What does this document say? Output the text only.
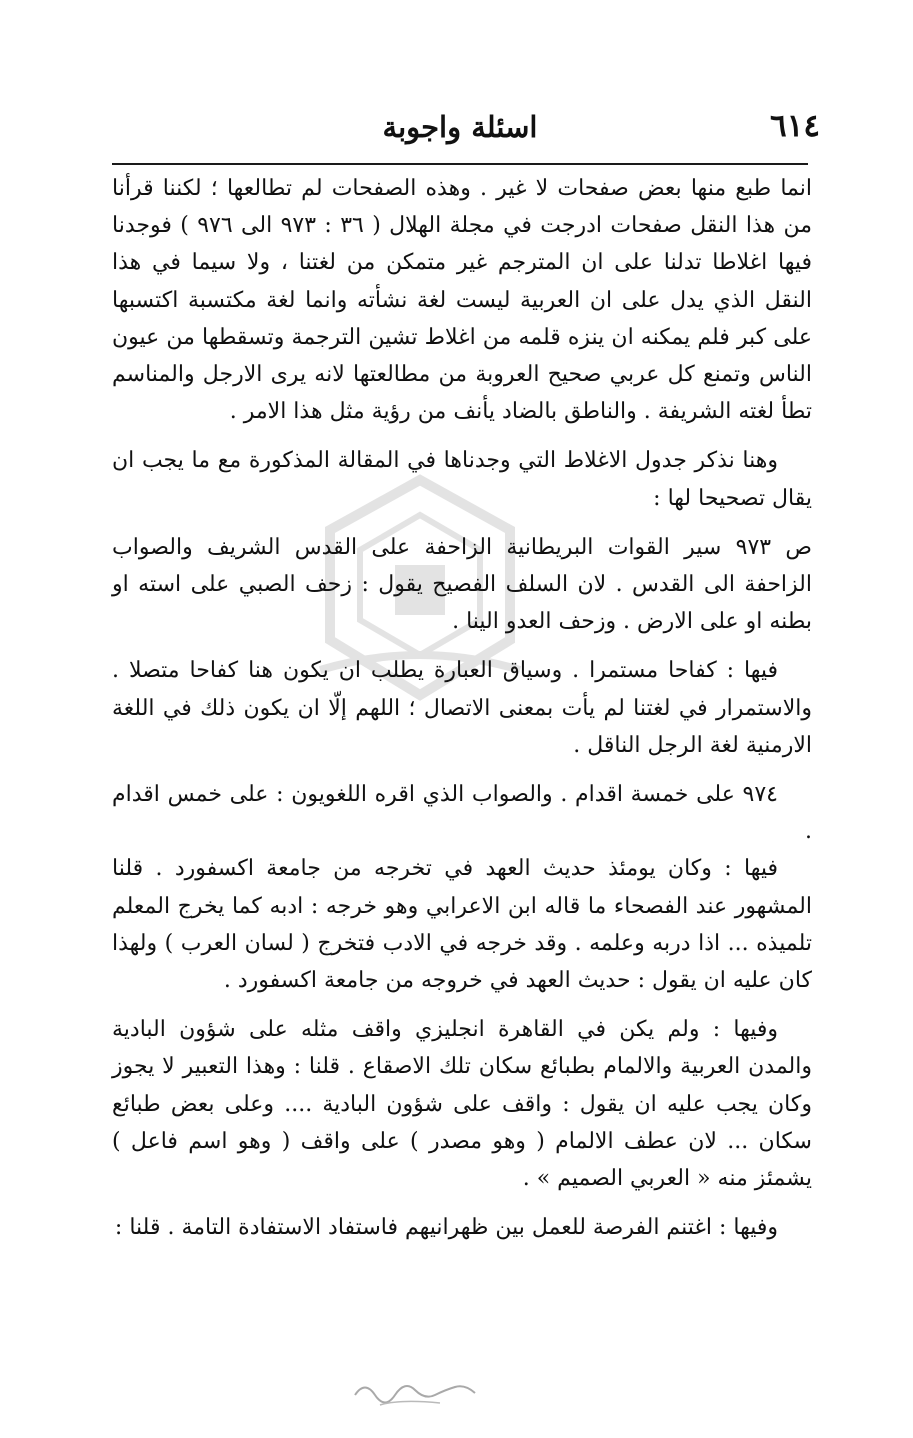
٦١٤
اسئلة واجوبة

انما طبع منها بعض صفحات لا غير . وهذه الصفحات لم تطالعها ؛ لكننا قرأنا من هذا النقل صفحات ادرجت في مجلة الهلال ( ٣٦ : ٩٧٣ الى ٩٧٦ ) فوجدنا فيها اغلاطا تدلنا على ان المترجم غير متمكن من لغتنا ، ولا سيما في هذا النقل الذي يدل على ان العربية ليست لغة نشأته وانما لغة مكتسبة اكتسبها على كبر فلم يمكنه ان ينزه قلمه من اغلاط تشين الترجمة وتسقطها من عيون الناس وتمنع كل عربي صحيح العروبة من مطالعتها لانه يرى الارجل والمناسم تطأ لغته الشريفة . والناطق بالضاد يأنف من رؤية مثل هذا الامر .

وهنا نذكر جدول الاغلاط التي وجدناها في المقالة المذكورة مع ما يجب ان يقال تصحيحا لها :

ص ٩٧٣ سير القوات البريطانية الزاحفة على القدس الشريف والصواب الزاحفة الى القدس . لان السلف الفصيح يقول : زحف الصبي على استه او بطنه او على الارض . وزحف العدو الينا .

فيها : كفاحا مستمرا . وسياق العبارة يطلب ان يكون هنا كفاحا متصلا . والاستمرار في لغتنا لم يأت بمعنى الاتصال ؛ اللهم إلّا ان يكون ذلك في اللغة الارمنية لغة الرجل الناقل .

٩٧٤ على خمسة اقدام . والصواب الذي اقره اللغويون : على خمس اقدام .

فيها : وكان يومئذ حديث العهد في تخرجه من جامعة اكسفورد . قلنا المشهور عند الفصحاء ما قاله ابن الاعرابي وهو خرجه : ادبه كما يخرج المعلم تلميذه ... اذا دربه وعلمه . وقد خرجه في الادب فتخرج ( لسان العرب ) ولهذا كان عليه ان يقول : حديث العهد في خروجه من جامعة اكسفورد .

وفيها : ولم يكن في القاهرة انجليزي واقف مثله على شؤون البادية والمدن العربية والالمام بطبائع سكان تلك الاصقاع . قلنا : وهذا التعبير لا يجوز وكان يجب عليه ان يقول : واقف على شؤون البادية .... وعلى بعض طبائع سكان ... لان عطف الالمام ( وهو مصدر ) على واقف ( وهو اسم فاعل ) يشمئز منه « العربي الصميم » .

وفيها : اغتنم الفرصة للعمل بين ظهرانيهم فاستفاد الاستفادة التامة . قلنا :
